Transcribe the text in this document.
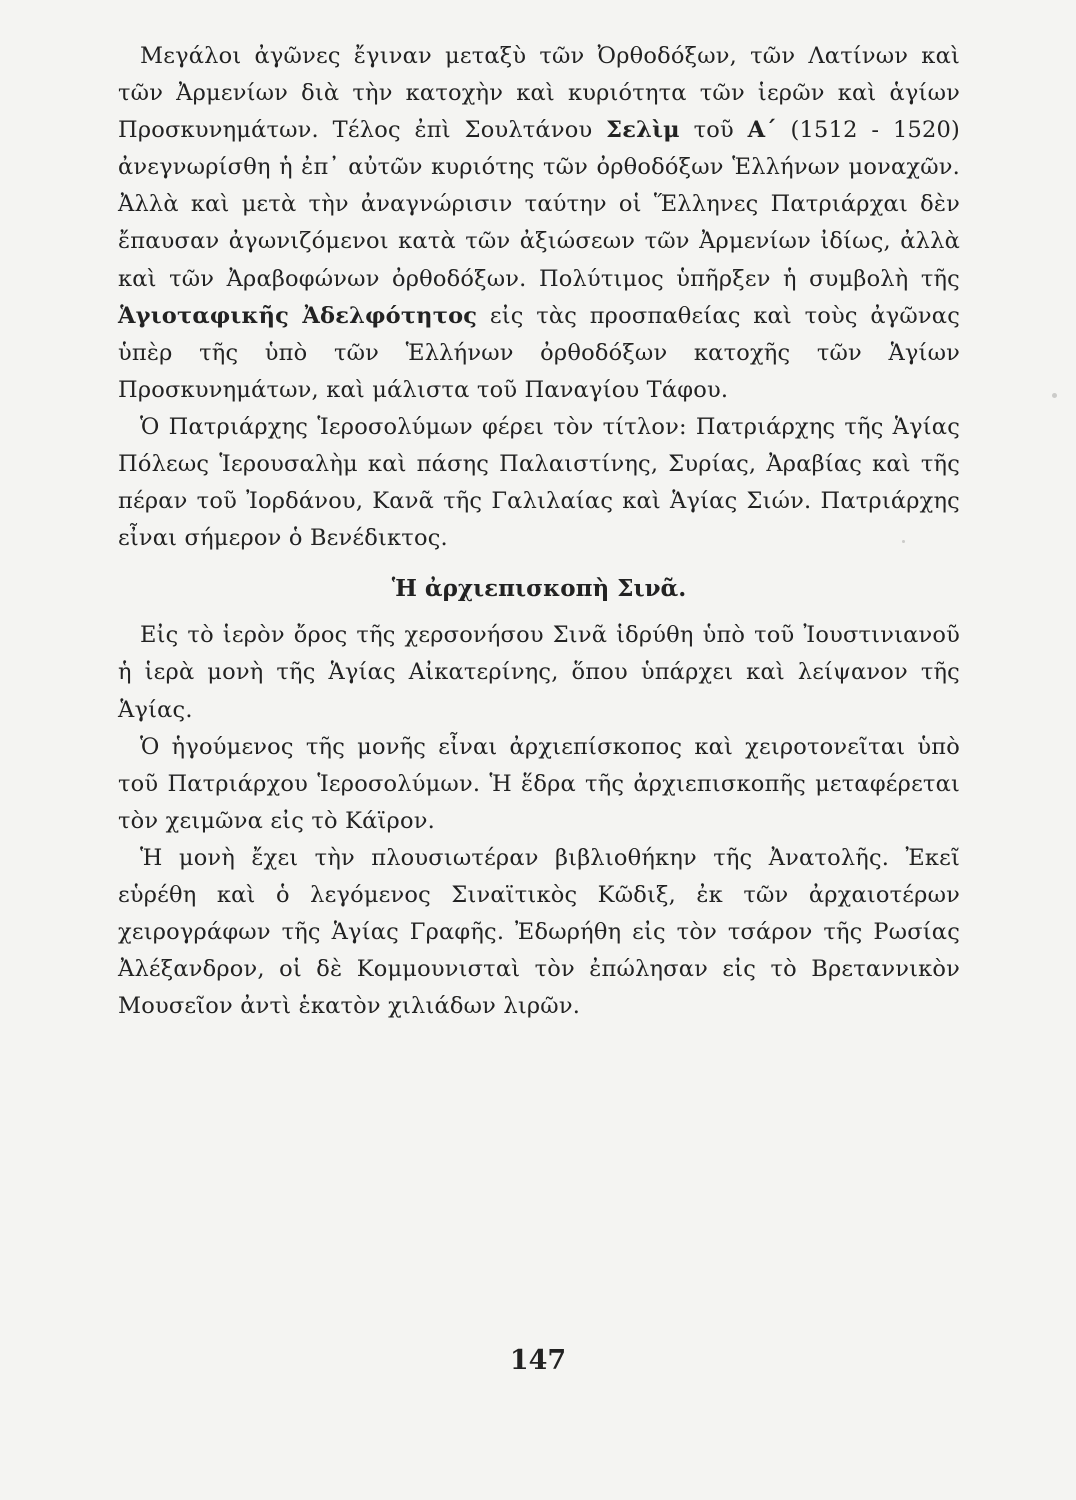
Μεγάλοι ἀγῶνες ἔγιναν μεταξὺ τῶν Ὀρθοδόξων, τῶν Λατίνων καὶ τῶν Ἀρμενίων διὰ τὴν κατοχὴν καὶ κυριότητα τῶν ἱερῶν καὶ ἁγίων Προσκυνημάτων. Τέλος ἐπὶ Σουλτάνου Σελὶμ τοῦ Α΄ (1512 - 1520) ἀνεγνωρίσθη ἡ ἐπ᾽ αὐτῶν κυριότης τῶν ὀρθοδόξων Ἑλλήνων μοναχῶν. Ἀλλὰ καὶ μετὰ τὴν ἀναγνώρισιν ταύτην οἱ Ἕλληνες Πατριάρχαι δὲν ἔπαυσαν ἀγωνιζόμενοι κατὰ τῶν ἀξιώσεων τῶν Ἀρμενίων ἰδίως, ἀλλὰ καὶ τῶν Ἀραβοφώνων ὀρθοδόξων. Πολύτιμος ὑπῆρξεν ἡ συμβολὴ τῆς Ἁγιοταφικῆς Ἀδελφότητος εἰς τὰς προσπαθείας καὶ τοὺς ἀγῶνας ὑπὲρ τῆς ὑπὸ τῶν Ἑλλήνων ὀρθοδόξων κατοχῆς τῶν Ἁγίων Προσκυνημάτων, καὶ μάλιστα τοῦ Παναγίου Τάφου.

Ὁ Πατριάρχης Ἱεροσολύμων φέρει τὸν τίτλον: Πατριάρχης τῆς Ἁγίας Πόλεως Ἱερουσαλὴμ καὶ πάσης Παλαιστίνης, Συρίας, Ἀραβίας καὶ τῆς πέραν τοῦ Ἰορδάνου, Κανᾶ τῆς Γαλιλαίας καὶ Ἁγίας Σιών. Πατριάρχης εἶναι σήμερον ὁ Βενέδικτος.

Ἡ ἀρχιεπισκοπὴ Σινᾶ.

Εἰς τὸ ἱερὸν ὄρος τῆς χερσονήσου Σινᾶ ἱδρύθη ὑπὸ τοῦ Ἰουστινιανοῦ ἡ ἱερὰ μονὴ τῆς Ἁγίας Αἰκατερίνης, ὅπου ὑπάρχει καὶ λείψανον τῆς Ἁγίας.

Ὁ ἡγούμενος τῆς μονῆς εἶναι ἀρχιεπίσκοπος καὶ χειροτονεῖται ὑπὸ τοῦ Πατριάρχου Ἱεροσολύμων. Ἡ ἕδρα τῆς ἀρχιεπισκοπῆς μεταφέρεται τὸν χειμῶνα εἰς τὸ Κάϊρον.

Ἡ μονὴ ἔχει τὴν πλουσιωτέραν βιβλιοθήκην τῆς Ἀνατολῆς. Ἐκεῖ εὑρέθη καὶ ὁ λεγόμενος Σιναϊτικὸς Κῶδιξ, ἐκ τῶν ἀρχαιοτέρων χειρογράφων τῆς Ἁγίας Γραφῆς. Ἐδωρήθη εἰς τὸν τσάρον τῆς Ρωσίας Ἀλέξανδρον, οἱ δὲ Κομμουνισταὶ τὸν ἐπώλησαν εἰς τὸ Βρεταννικὸν Μουσεῖον ἀντὶ ἑκατὸν χιλιάδων λιρῶν.

147
